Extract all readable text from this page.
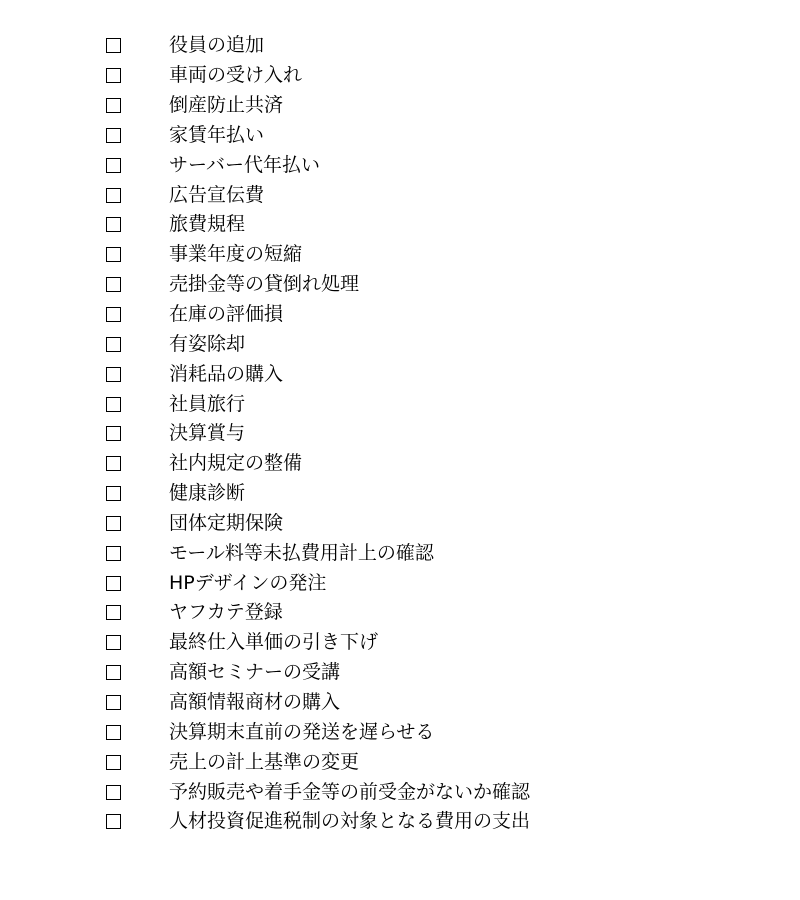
役員の追加
車両の受け入れ
倒産防止共済
家賃年払い
サーバー代年払い
広告宣伝費
旅費規程
事業年度の短縮
売掛金等の貸倒れ処理
在庫の評価損
有姿除却
消耗品の購入
社員旅行
決算賞与
社内規定の整備
健康診断
団体定期保険
モール料等未払費用計上の確認
HPデザインの発注
ヤフカテ登録
最終仕入単価の引き下げ
高額セミナーの受講
高額情報商材の購入
決算期末直前の発送を遅らせる
売上の計上基準の変更
予約販売や着手金等の前受金がないか確認
人材投資促進税制の対象となる費用の支出
